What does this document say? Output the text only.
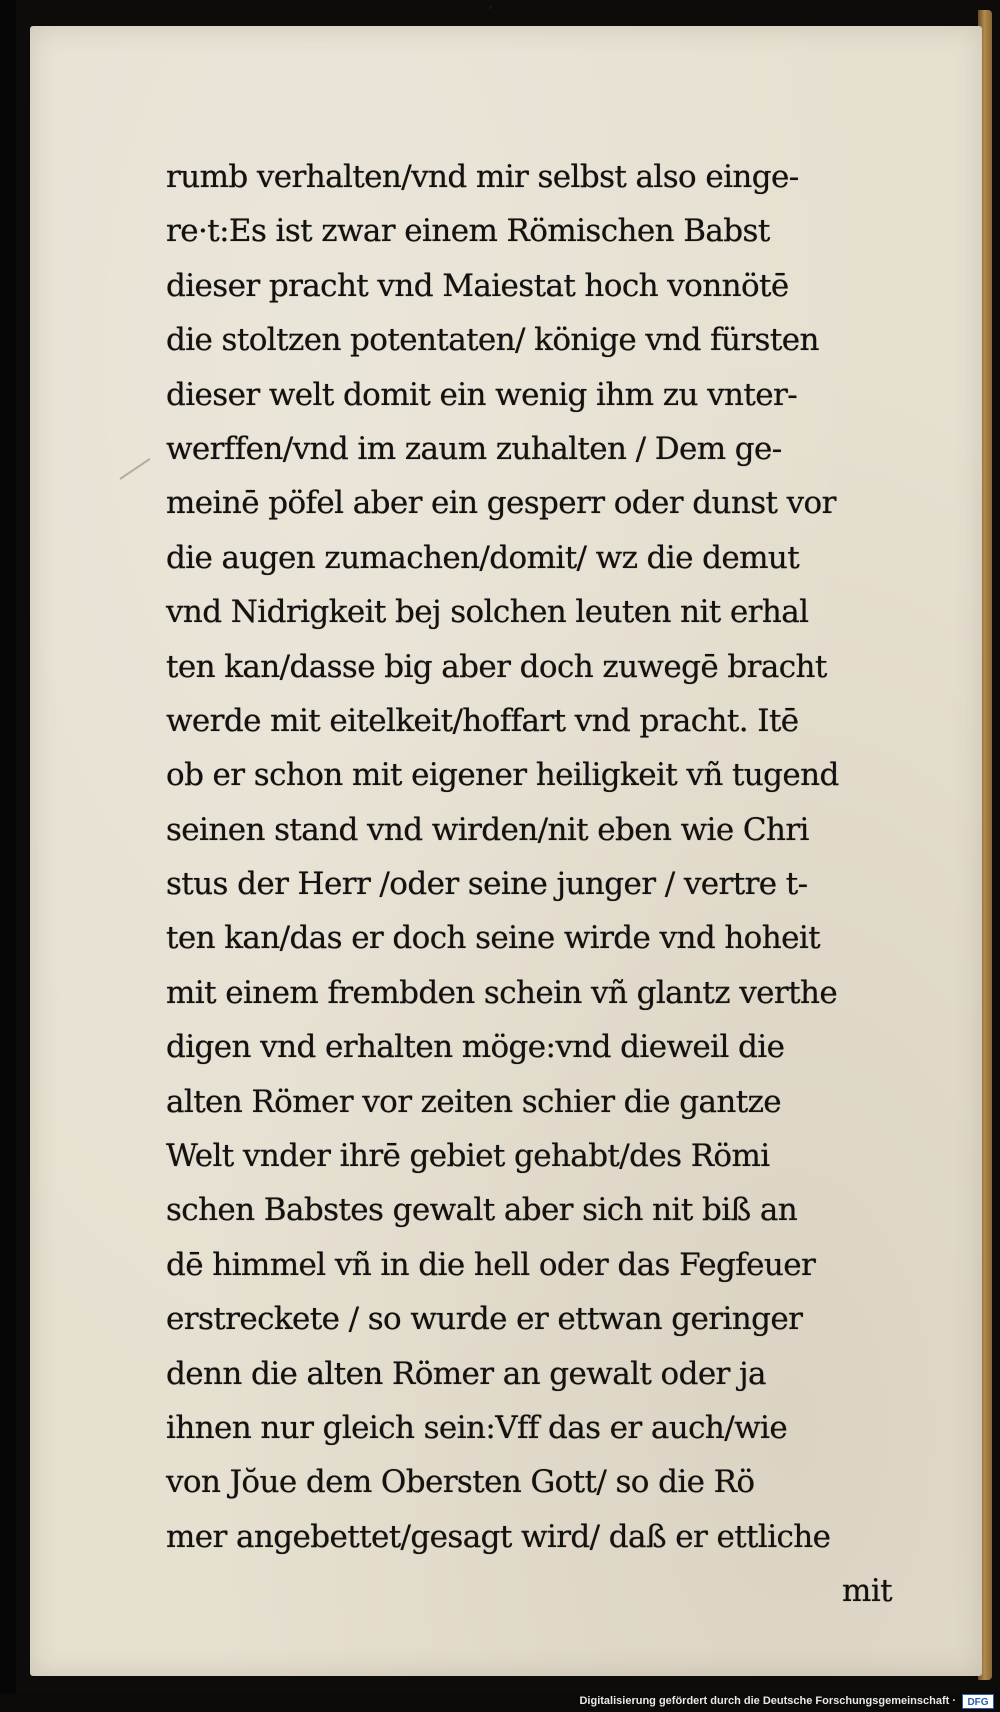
‘
rumb verhalten/vnd mir selbst also einge-
re·t:Es ist zwar einem Römischen Babst
dieser pracht vnd Maiestat hoch vonnötē
die stoltzen potentaten/ könige vnd fürsten
dieser welt domit ein wenig ihm zu vnter-
werffen/vnd im zaum zuhalten / Dem ge-
meinē pöfel aber ein gesperr oder dunst vor
die augen zumachen/domit/ wz die demut
vnd Nidrigkeit bej solchen leuten nit erhal
ten kan/dasse big aber doch zuwegē bracht
werde mit eitelkeit/hoffart vnd pracht. Itē
ob er schon mit eigener heiligkeit vñ tugend
seinen stand vnd wirden/nit eben wie Chri
stus der Herr /oder seine junger / vertre t-
ten kan/das er doch seine wirde vnd hoheit
mit einem frembden schein vñ glantz verthe
digen vnd erhalten möge:vnd dieweil die
alten Römer vor zeiten schier die gantze
Welt vnder ihrē gebiet gehabt/des Römi
schen Babstes gewalt aber sich nit biß an
dē himmel vñ in die hell oder das Fegfeuer
erstreckete / so wurde er ettwan geringer
denn die alten Römer an gewalt oder ja
ihnen nur gleich sein:Vff das er auch/wie
von Jŏue dem Obersten Gott/ so die Rö
mer angebettet/gesagt wird/ daß er ettliche
mit
Digitalisierung gefördert durch die Deutsche Forschungsgemeinschaft ·	DFG
